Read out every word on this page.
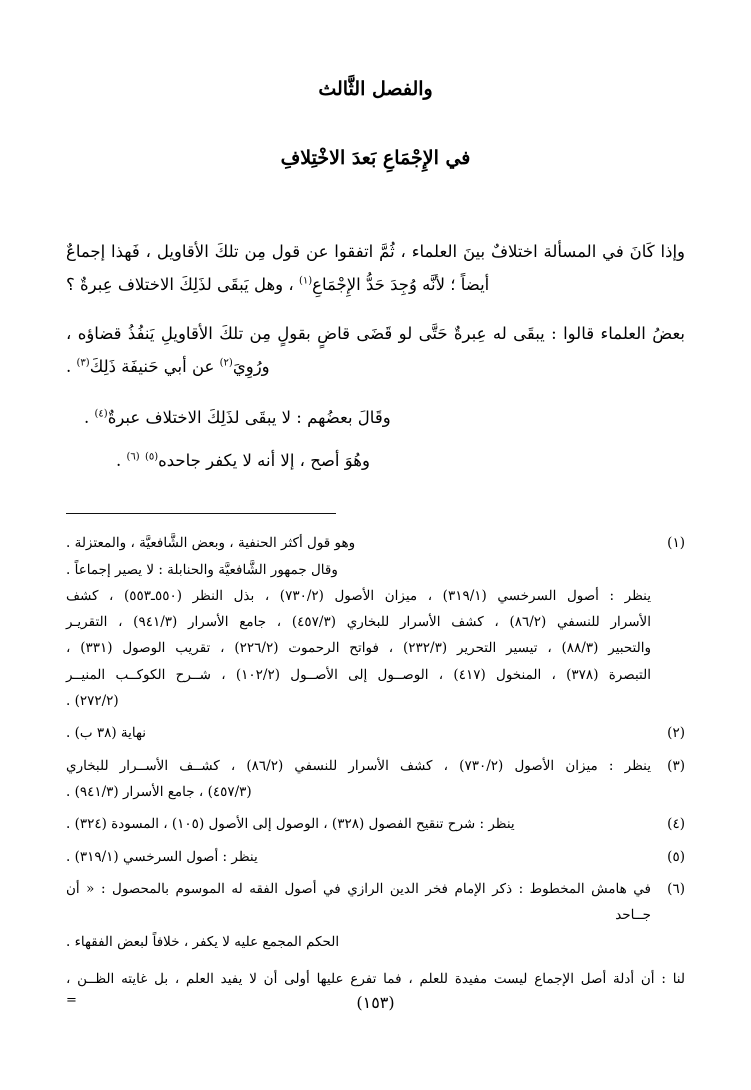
والفصل الثَّالث
في الإِجْمَاعِ بَعدَ الاخْتِلافِ

وإذا كَانَ في المسألة اختلافٌ بينَ العلماء ، ثُمَّ اتفقوا عن قول مِن تلكَ الأقاويل ، فَهذا إجماعٌ أيضاً ؛ لأنَّه وُجِدَ حَدُّ الإِجْمَاعِ$^{(١)}$ ، وهل يَبقَى لذَلِكَ الاختلاف عِبرةٌ ؟

بعضُ العلماء قالوا : يبقَى له عِبرةٌ حَتَّى لو قَضَى قاضٍ بقولٍ مِن تلكَ الأقاويلِ يَنفُذُ قضاؤه ، ورُوِيَ$^{(٢)}$ عن أبي حَنيفَة ذَلِكَ$^{(٣)}$ .

وقَالَ بعضُهم : لا يبقَى لذَلِكَ الاختلاف عبرةٌ$^{(٤)}$ .

وهُوَ أصح ، إلا أنه لا يكفر جاحده$^{(٥)}$ $^{(٦)}$ .

(١)
وهو قول أكثر الحنفية ، وبعض الشَّافعيَّة ، والمعتزلة .
وقال جمهور الشَّافعيَّة والحنابلة : لا يصير إجماعاً .
ينظر : أصول السرخسي (٣١٩/١) ، ميزان الأصول (٧٣٠/٢) ، بذل النظر (٥٥٠ـ٥٥٣) ، كشف
الأسرار للنسفي (٨٦/٢) ، كشف الأسرار للبخاري (٤٥٧/٣) ، جامع الأسرار (٩٤١/٣) ، التقريـر
والتحبير (٨٨/٣) ، تيسير التحرير (٢٣٢/٣) ، فواتح الرحموت (٢٢٦/٢) ، تقريب الوصول (٣٣١) ،
التبصرة (٣٧٨) ، المنخول (٤١٧) ، الوصــول إلى الأصــول (١٠٢/٢) ، شــرح الكوكــب المنيــر
(٢٧٢/٢) .
(٢)
نهاية (٣٨ ب) .
(٣)
ينظر : ميزان الأصول (٧٣٠/٢) ، كشف الأسرار للنسفي (٨٦/٢) ، كشــف الأســرار للبخاري
(٤٥٧/٣) ، جامع الأسرار (٩٤١/٣) .
(٤)
ينظر : شرح تنقيح الفصول (٣٢٨) ، الوصول إلى الأصول (١٠٥) ، المسودة (٣٢٤) .
(٥)
ينظر : أصول السرخسي (٣١٩/١) .
(٦)
في هامش المخطوط : ذكر الإمام فخر الدين الرازي في أصول الفقه له الموسوم بالمحصول : « أن جــاحد
الحكم المجمع عليه لا يكفر ، خلافاً لبعض الفقهاء .
لنا : أن أدلة أصل الإجماع ليست مفيدة للعلم ، فما تفرع عليها أولى أن لا يفيد العلم ، بل غايته الظــن ،
=	(١٥٣)
